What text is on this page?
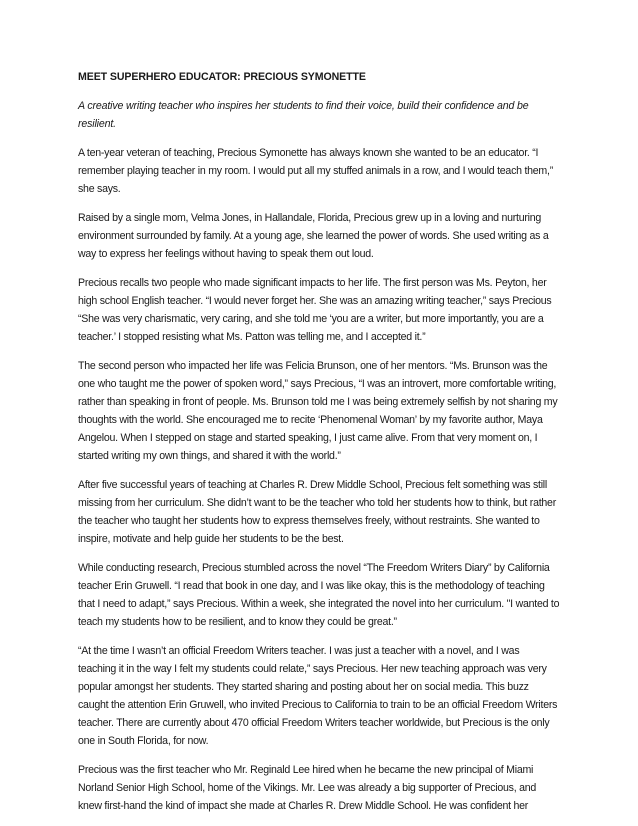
MEET SUPERHERO EDUCATOR: PRECIOUS SYMONETTE

A creative writing teacher who inspires her students to find their voice, build their confidence and be resilient.

A ten-year veteran of teaching, Precious Symonette has always known she wanted to be an educator. “I remember playing teacher in my room. I would put all my stuffed animals in a row, and I would teach them,” she says.

Raised by a single mom, Velma Jones, in Hallandale, Florida, Precious grew up in a loving and nurturing environment surrounded by family. At a young age, she learned the power of words. She used writing as a way to express her feelings without having to speak them out loud.

Precious recalls two people who made significant impacts to her life. The first person was Ms. Peyton, her high school English teacher. “I would never forget her. She was an amazing writing teacher,” says Precious “She was very charismatic, very caring, and she told me ‘you are a writer, but more importantly, you are a teacher.’ I stopped resisting what Ms. Patton was telling me, and I accepted it.”

The second person who impacted her life was Felicia Brunson, one of her mentors. “Ms. Brunson was the one who taught me the power of spoken word,” says Precious, “I was an introvert, more comfortable writing, rather than speaking in front of people. Ms. Brunson told me I was being extremely selfish by not sharing my thoughts with the world. She encouraged me to recite ‘Phenomenal Woman’ by my favorite author, Maya Angelou. When I stepped on stage and started speaking, I just came alive. From that very moment on, I started writing my own things, and shared it with the world.”

After five successful years of teaching at Charles R. Drew Middle School, Precious felt something was still missing from her curriculum. She didn’t want to be the teacher who told her students how to think, but rather the teacher who taught her students how to express themselves freely, without restraints. She wanted to inspire, motivate and help guide her students to be the best.

While conducting research, Precious stumbled across the novel “The Freedom Writers Diary” by California teacher Erin Gruwell. “I read that book in one day, and I was like okay, this is the methodology of teaching that I need to adapt,” says Precious. Within a week, she integrated the novel into her curriculum. "I wanted to teach my students how to be resilient, and to know they could be great.”

“At the time I wasn’t an official Freedom Writers teacher. I was just a teacher with a novel, and I was teaching it in the way I felt my students could relate,” says Precious. Her new teaching approach was very popular amongst her students. They started sharing and posting about her on social media. This buzz caught the attention Erin Gruwell, who invited Precious to California to train to be an official Freedom Writers teacher. There are currently about 470 official Freedom Writers teacher worldwide, but Precious is the only one in South Florida, for now.

Precious was the first teacher who Mr. Reginald Lee hired when he became the new principal of Miami Norland Senior High School, home of the Vikings. Mr. Lee was already a big supporter of Precious, and knew first-hand the kind of impact she made at Charles R. Drew Middle School. He was confident her
